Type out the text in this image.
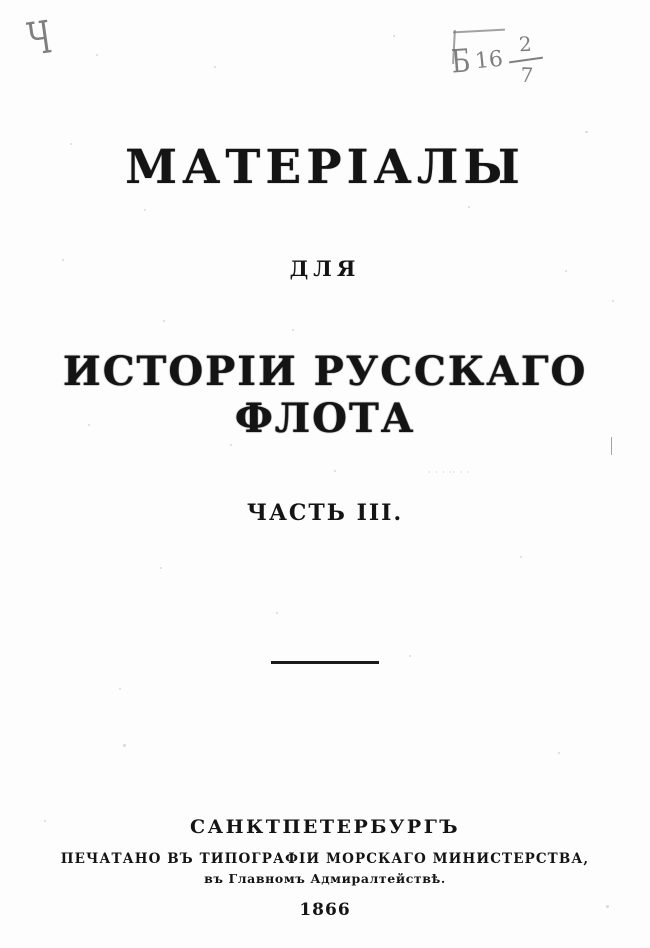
Ч	Б 16
2
7
МАТЕРІАЛЫ
ДЛЯ
ИСТОРІИ РУССКАГО ФЛОТА
ЧАСТЬ III.
· · · ·· · ·
САНКТПЕТЕРБУРГЪ
ПЕЧАТАНО ВЪ ТИПОГРАФІИ МОРСКАГО МИНИСТЕРСТВА,
въ Главномъ Адмиралтействѣ.
1866
